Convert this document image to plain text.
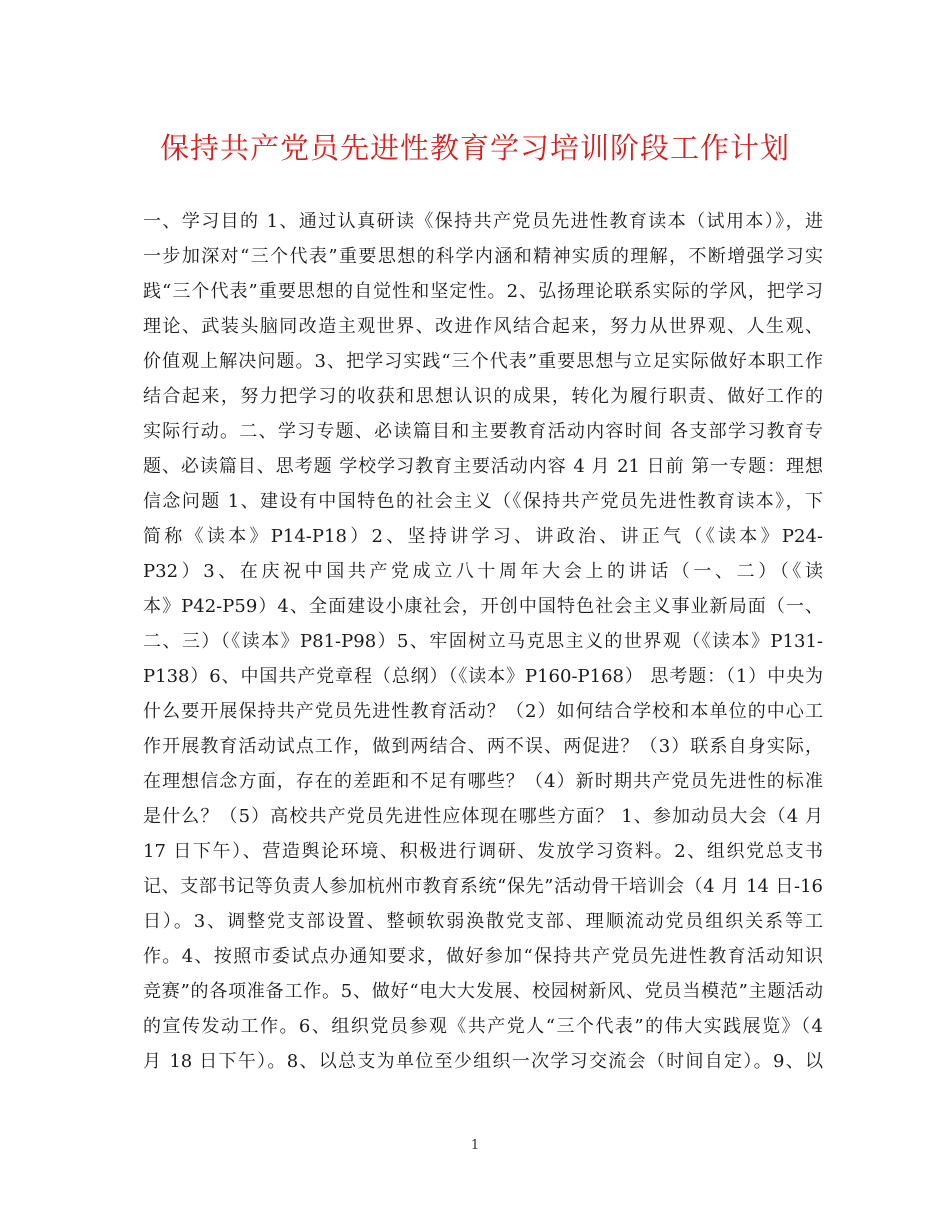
保持共产党员先进性教育学习培训阶段工作计划
一、学习目的 1、通过认真研读《保持共产党员先进性教育读本（试用本）》，进
一步加深对“三个代表”重要思想的科学内涵和精神实质的理解，不断增强学习实
践“三个代表”重要思想的自觉性和坚定性。2、弘扬理论联系实际的学风，把学习
理论、武装头脑同改造主观世界、改进作风结合起来，努力从世界观、人生观、
价值观上解决问题。3、把学习实践“三个代表”重要思想与立足实际做好本职工作
结合起来，努力把学习的收获和思想认识的成果，转化为履行职责、做好工作的
实际行动。二、学习专题、必读篇目和主要教育活动内容时间 各支部学习教育专
题、必读篇目、思考题 学校学习教育主要活动内容 4 月 21 日前 第一专题：理想
信念问题 1、建设有中国特色的社会主义（《保持共产党员先进性教育读本》，下
简称《读本》P14-P18）2、坚持讲学习、讲政治、讲正气（《读本》P24-
P32）3、在庆祝中国共产党成立八十周年大会上的讲话（一、二）（《读
本》P42-P59）4、全面建设小康社会，开创中国特色社会主义事业新局面（一、
二、三）（《读本》P81-P98）5、牢固树立马克思主义的世界观（《读本》P131-
P138）6、中国共产党章程（总纲）（《读本》P160-P168） 思考题：（1）中央为
什么要开展保持共产党员先进性教育活动？（2）如何结合学校和本单位的中心工
作开展教育活动试点工作，做到两结合、两不误、两促进？（3）联系自身实际，
在理想信念方面，存在的差距和不足有哪些？（4）新时期共产党员先进性的标准
是什么？（5）高校共产党员先进性应体现在哪些方面？ 1、参加动员大会（4 月
17 日下午）、营造舆论环境、积极进行调研、发放学习资料。2、组织党总支书
记、支部书记等负责人参加杭州市教育系统“保先”活动骨干培训会（4 月 14 日-16
日）。3、调整党支部设置、整顿软弱涣散党支部、理顺流动党员组织关系等工
作。4、按照市委试点办通知要求，做好参加“保持共产党员先进性教育活动知识
竞赛”的各项准备工作。5、做好“电大大发展、校园树新风、党员当模范”主题活动
的宣传发动工作。6、组织党员参观《共产党人“三个代表”的伟大实践展览》（4
月 18 日下午）。8、以总支为单位至少组织一次学习交流会（时间自定）。9、以
1
